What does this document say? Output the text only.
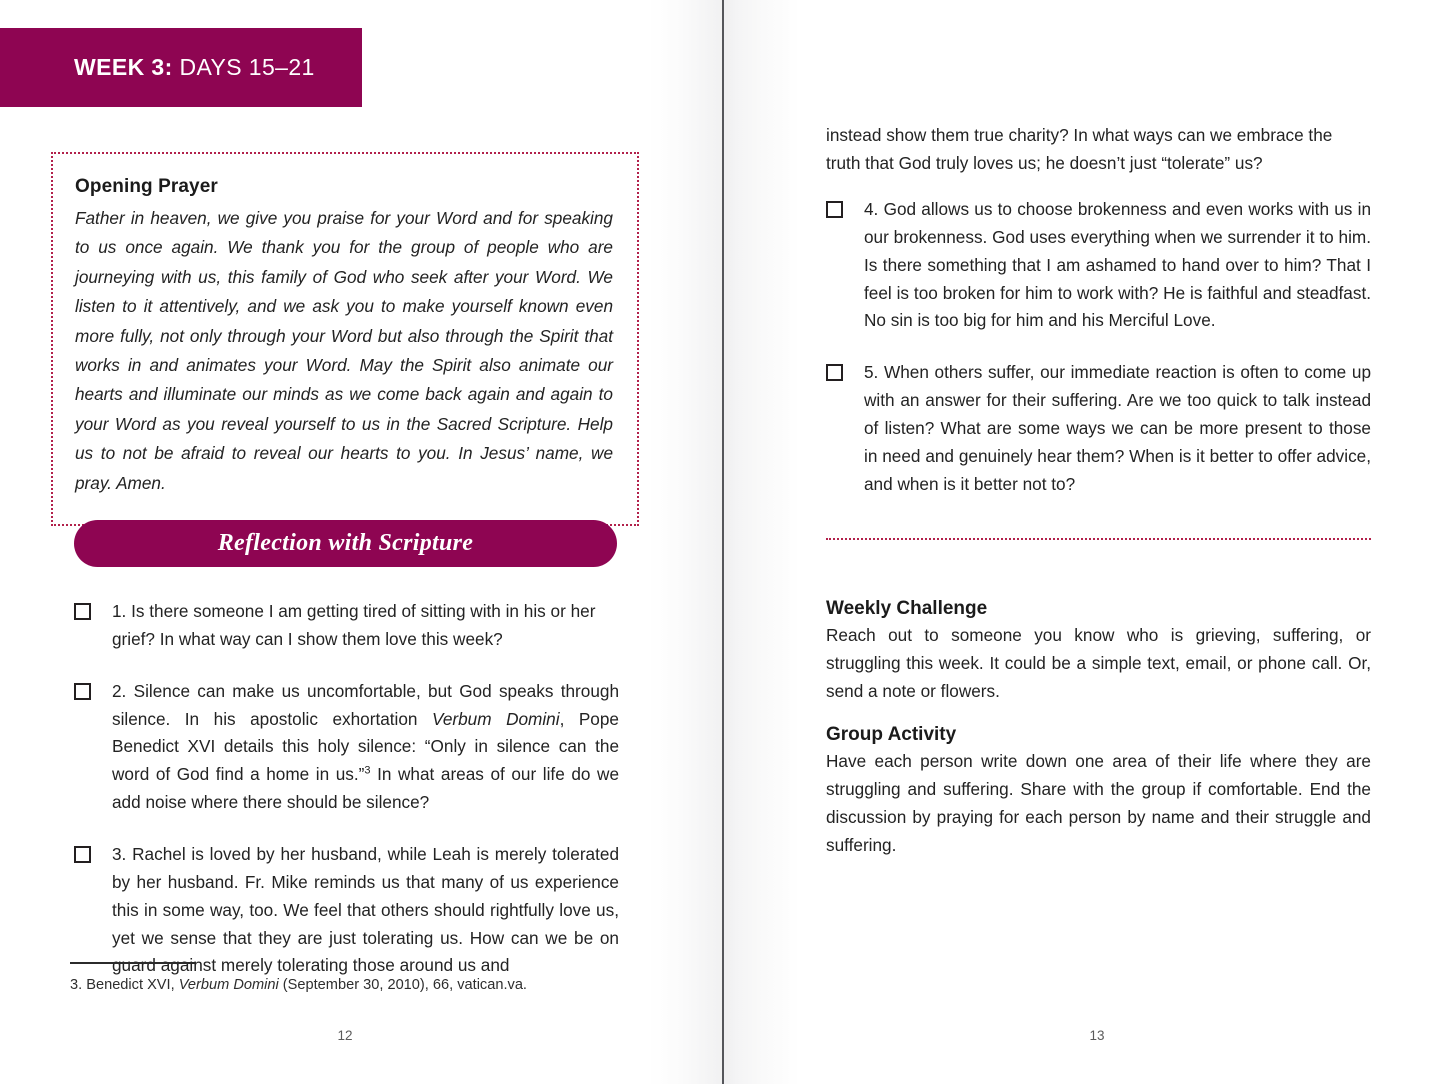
WEEK 3: DAYS 15–21

Opening Prayer

Father in heaven, we give you praise for your Word and for speaking to us once again. We thank you for the group of people who are journeying with us, this family of God who seek after your Word. We listen to it attentively, and we ask you to make yourself known even more fully, not only through your Word but also through the Spirit that works in and animates your Word. May the Spirit also animate our hearts and illuminate our minds as we come back again and again to your Word as you reveal yourself to us in the Sacred Scripture. Help us to not be afraid to reveal our hearts to you. In Jesus’ name, we pray. Amen.

Reflection with Scripture
1. Is there someone I am getting tired of sitting with in his or her grief? In what way can I show them love this week?
2. Silence can make us uncomfortable, but God speaks through silence. In his apostolic exhortation Verbum Domini, Pope Benedict XVI details this holy silence: “Only in silence can the word of God find a home in us.”$^3$ In what areas of our life do we add noise where there should be silence?
3. Rachel is loved by her husband, while Leah is merely tolerated by her husband. Fr. Mike reminds us that many of us experience this in some way, too. We feel that others should rightfully love us, yet we sense that they are just tolerating us. How can we be on guard against merely tolerating those around us and
3. Benedict XVI, Verbum Domini (September 30, 2010), 66, vatican.va.
12
instead show them true charity? In what ways can we embrace the truth that God truly loves us; he doesn’t just “tolerate” us?
4. God allows us to choose brokenness and even works with us in our brokenness. God uses everything when we surrender it to him. Is there something that I am ashamed to hand over to him? That I feel is too broken for him to work with? He is faithful and steadfast. No sin is too big for him and his Merciful Love.
5. When others suffer, our immediate reaction is often to come up with an answer for their suffering. Are we too quick to talk instead of listen? What are some ways we can be more present to those in need and genuinely hear them? When is it better to offer advice, and when is it better not to?

Weekly Challenge

Reach out to someone you know who is grieving, suffering, or struggling this week. It could be a simple text, email, or phone call. Or, send a note or flowers.

Group Activity

Have each person write down one area of their life where they are struggling and suffering. Share with the group if comfortable. End the discussion by praying for each person by name and their struggle and suffering.

13
